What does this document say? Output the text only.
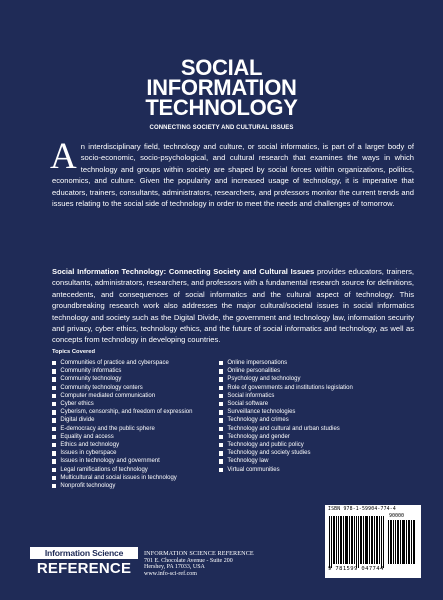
SOCIAL
INFORMATION
TECHNOLOGY
CONNECTING SOCIETY AND CULTURAL ISSUES
An interdisciplinary field, technology and culture, or social informatics, is part of a larger body of socio-economic, socio-psychological, and cultural research that examines the ways in which technology and groups within society are shaped by social forces within organizations, politics, economics, and culture. Given the popularity and increased usage of technology, it is imperative that educators, trainers, consultants, administrators, researchers, and professors monitor the current trends and issues relating to the social side of technology in order to meet the needs and challenges of tomorrow.
Social Information Technology: Connecting Society and Cultural Issues provides educators, trainers, consultants, administrators, researchers, and professors with a fundamental research source for definitions, antecedents, and consequences of social informatics and the cultural aspect of technology. This groundbreaking research work also addresses the major cultural/societal issues in social informatics technology and society such as the Digital Divide, the government and technology law, information security and privacy, cyber ethics, technology ethics, and the future of social informatics and technology, as well as concepts from technology in developing countries.
Topics Covered
Communities of practice and cyberspace
Community informatics
Community technology
Community technology centers
Computer mediated communication
Cyber ethics
Cyberism, censorship, and freedom of expression
Digital divide
E-democracy and the public sphere
Equality and access
Ethics and technology
Issues in cyberspace
Issues in technology and government
Legal ramifications of technology
Multicultural and social issues in technology
Nonprofit technology
Online impersonations
Online personalities
Psychology and technology
Role of governments and institutions legislation
Social informatics
Social software
Surveillance technologies
Technology and crimes
Technology and cultural and urban studies
Technology and gender
Technology and public policy
Technology and society studies
Technology law
Virtual communities
ISBN 978-1-59904-774-4
90000
9 781599 047744
Information Science
REFERENCE
INFORMATION SCIENCE REFERENCE
701 E. Chocolate Avenue - Suite 200
Hershey, PA 17033, USA
www.info-sci-ref.com
